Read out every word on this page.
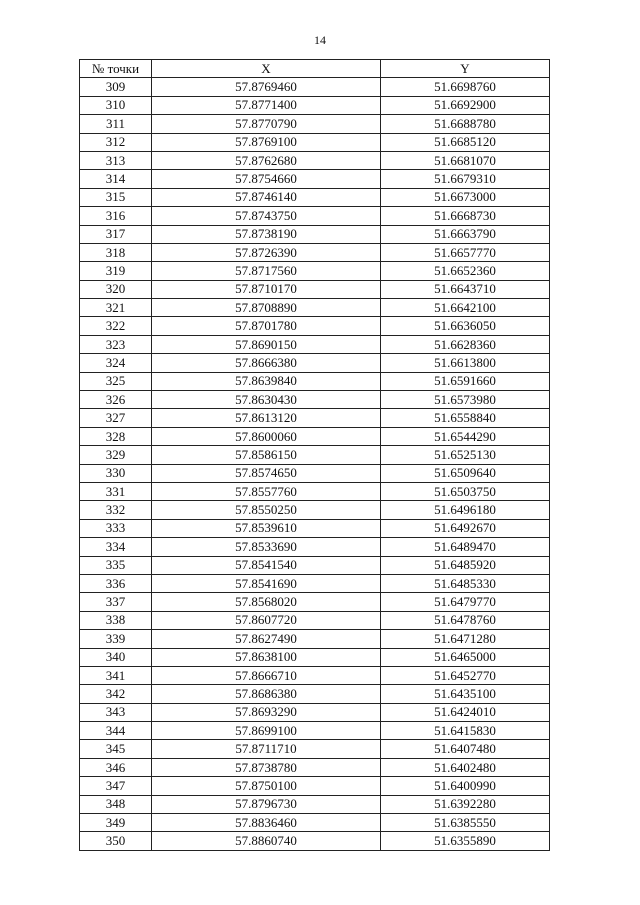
14
№ точки	X	Y
309	57.8769460	51.6698760
310	57.8771400	51.6692900
311	57.8770790	51.6688780
312	57.8769100	51.6685120
313	57.8762680	51.6681070
314	57.8754660	51.6679310
315	57.8746140	51.6673000
316	57.8743750	51.6668730
317	57.8738190	51.6663790
318	57.8726390	51.6657770
319	57.8717560	51.6652360
320	57.8710170	51.6643710
321	57.8708890	51.6642100
322	57.8701780	51.6636050
323	57.8690150	51.6628360
324	57.8666380	51.6613800
325	57.8639840	51.6591660
326	57.8630430	51.6573980
327	57.8613120	51.6558840
328	57.8600060	51.6544290
329	57.8586150	51.6525130
330	57.8574650	51.6509640
331	57.8557760	51.6503750
332	57.8550250	51.6496180
333	57.8539610	51.6492670
334	57.8533690	51.6489470
335	57.8541540	51.6485920
336	57.8541690	51.6485330
337	57.8568020	51.6479770
338	57.8607720	51.6478760
339	57.8627490	51.6471280
340	57.8638100	51.6465000
341	57.8666710	51.6452770
342	57.8686380	51.6435100
343	57.8693290	51.6424010
344	57.8699100	51.6415830
345	57.8711710	51.6407480
346	57.8738780	51.6402480
347	57.8750100	51.6400990
348	57.8796730	51.6392280
349	57.8836460	51.6385550
350	57.8860740	51.6355890
